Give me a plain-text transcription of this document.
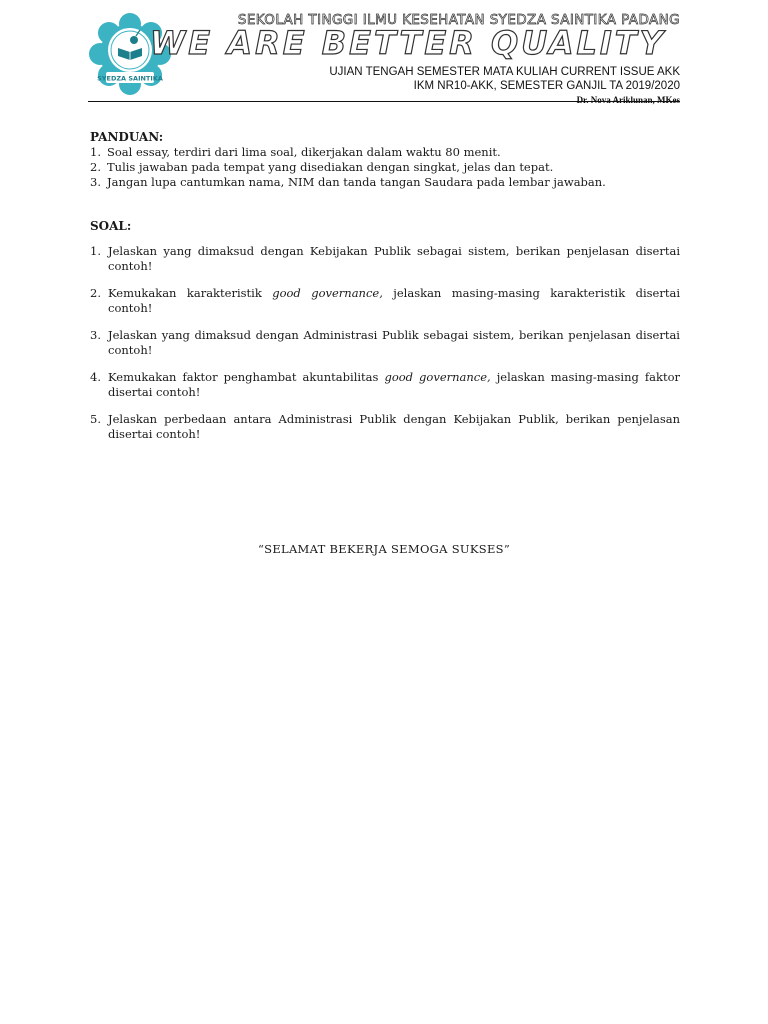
SYEDZA SAINTIKA
SEKOLAH TINGGI ILMU KESEHATAN SYEDZA SAINTIKA PADANG
WE ARE BETTER QUALITY
UJIAN TENGAH SEMESTER MATA KULIAH CURRENT ISSUE AKK
IKM NR10-AKK, SEMESTER GANJIL TA 2019/2020
Dr. Nova Ariklunan, MKes

PANDUAN:

1. Soal essay, terdiri dari lima soal, dikerjakan dalam waktu 80 menit.
2. Tulis jawaban pada tempat yang disediakan dengan singkat, jelas dan tepat.
3. Jangan lupa cantumkan nama, NIM dan tanda tangan Saudara pada lembar jawaban.

SOAL:

1. Jelaskan yang dimaksud dengan Kebijakan Publik sebagai sistem, berikan penjelasan disertai contoh!
2. Kemukakan karakteristik good governance, jelaskan masing-masing karakteristik disertai contoh!
3. Jelaskan yang dimaksud dengan Administrasi Publik sebagai sistem, berikan penjelasan disertai contoh!
4. Kemukakan faktor penghambat akuntabilitas good governance, jelaskan masing-masing faktor disertai contoh!
5. Jelaskan perbedaan antara Administrasi Publik dengan Kebijakan Publik, berikan penjelasan disertai contoh!
“SELAMAT BEKERJA SEMOGA SUKSES”
